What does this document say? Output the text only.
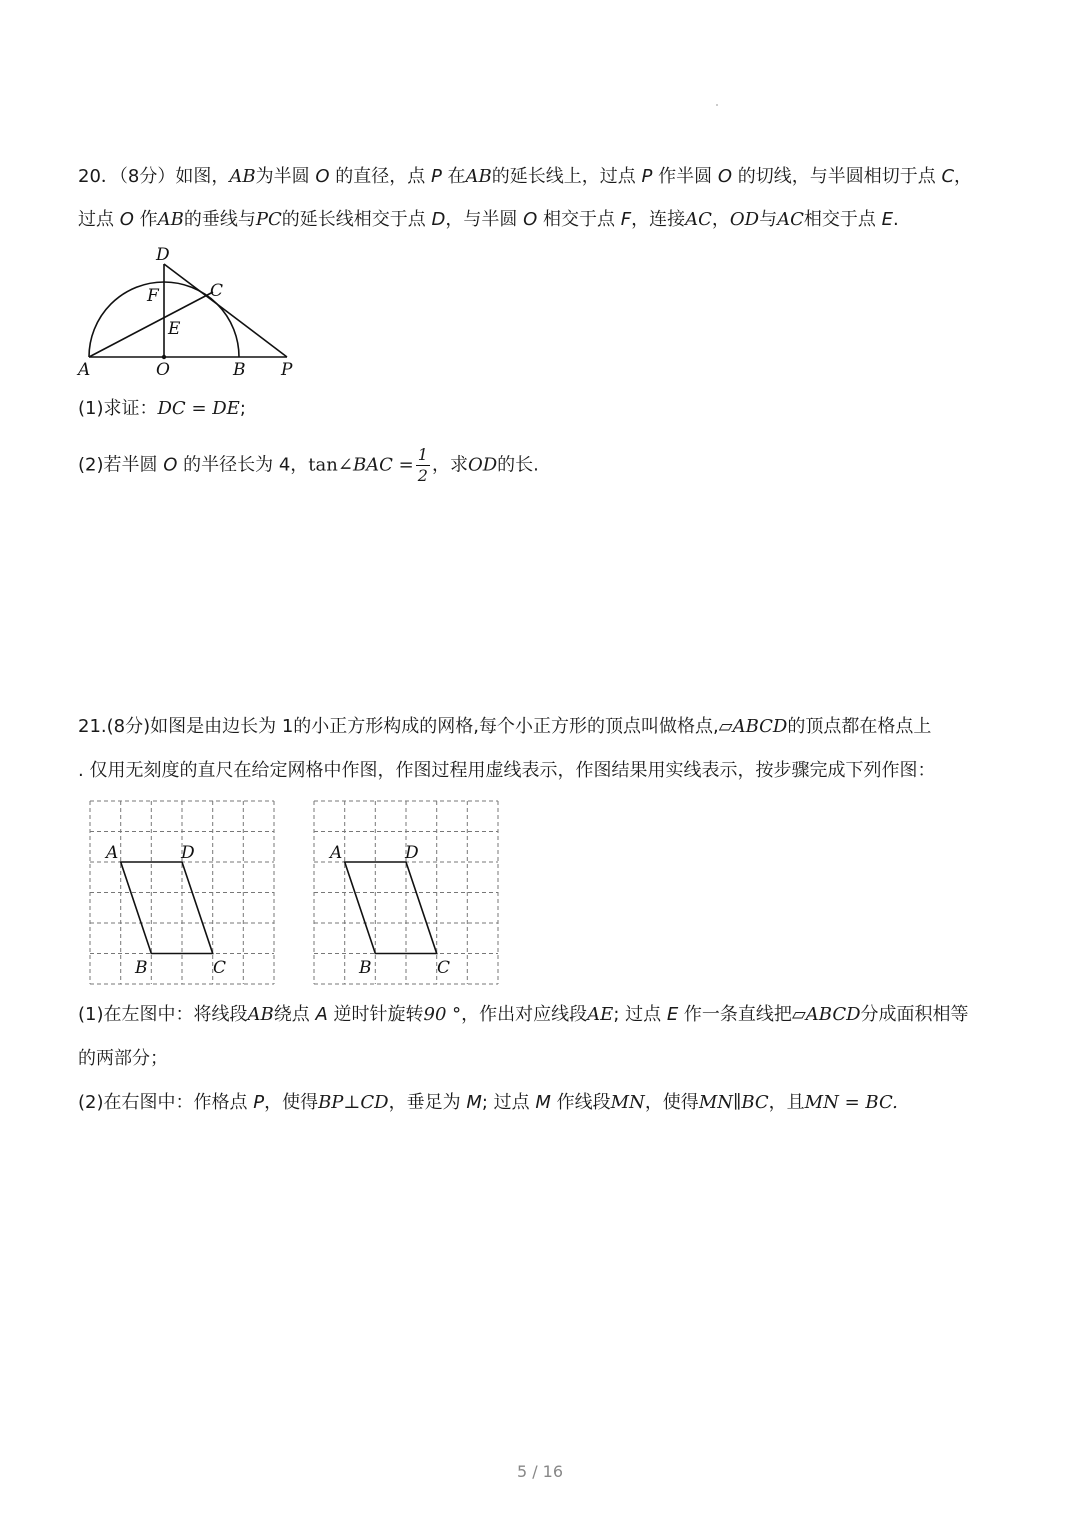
20．（8分）如图，AB为半圆 O 的直径，点 P 在AB的延长线上，过点 P 作半圆 O 的切线，与半圆相切于点 C，
过点 O 作AB的垂线与PC的延长线相交于点 D，与半圆 O 相交于点 F，连接AC，OD与AC相交于点 E.
D
F	C
E
A	O	B P
(1)求证：DC = DE;
(2)若半圆 O 的半径长为 4，tan∠BAC = $\frac{1}{2}$ ，求OD的长.
21.(8分)如图是由边长为 1的小正方形构成的网格,每个小正方形的顶点叫做格点,▱ABCD的顶点都在格点上
. 仅用无刻度的直尺在给定网格中作图，作图过程用虚线表示，作图结果用实线表示，按步骤完成下列作图：
A	D
B	C
A	D
B	C
(1)在左图中：将线段AB绕点 A 逆时针旋转90 °，作出对应线段AE; 过点 E 作一条直线把▱ABCD分成面积相等
的两部分；
(2)在右图中：作格点 P，使得BP⊥CD，垂足为 M; 过点 M 作线段MN，使得MN∥BC，且MN = BC.
5 / 16
